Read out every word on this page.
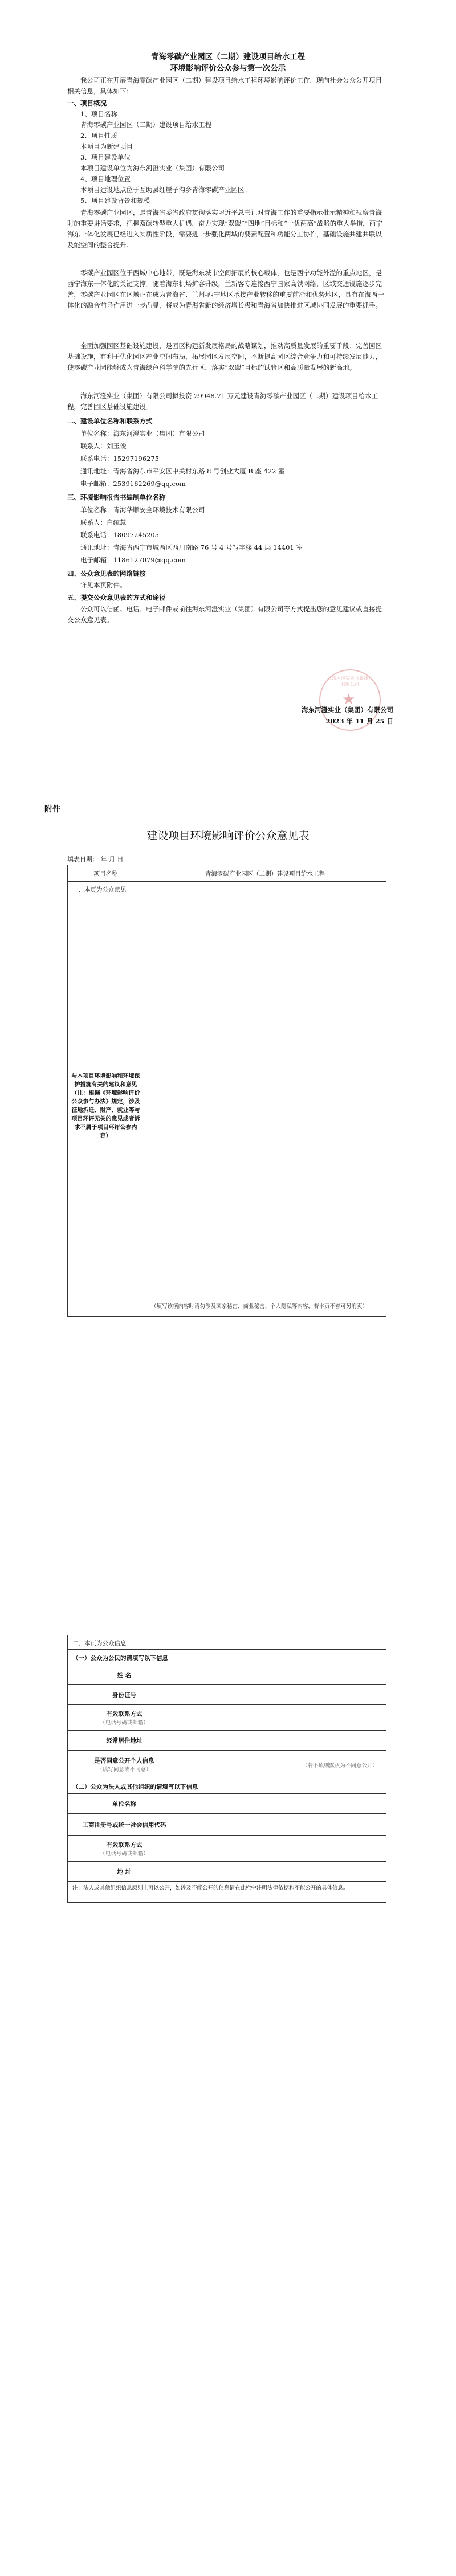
青海零碳产业园区（二期）建设项目给水工程
环境影响评价公众参与第一次公示

我公司正在开展青海零碳产业园区（二期）建设项目给水工程环境影响评价工作，现向社会公众公开项目相关信息，具体如下：

一、项目概况

1、项目名称

青海零碳产业园区（二期）建设项目给水工程

2、项目性质

本项目为新建项目

3、项目建设单位

本项目建设单位为海东河澄实业（集团）有限公司

4、项目地理位置

本项目建设地点位于互助县红崖子沟乡青海零碳产业园区。

5、项目建设背景和规模

青海零碳产业园区，是青海省委省政府贯彻落实习近平总书记对青海工作的重要指示批示精神和视察青海时的重要讲话要求，把握双碳转型重大机遇，奋力实现“双碳”“四地”目标和“一优两高”战略的重大举措，西宁海东一体化发展已经进入实质性阶段，需要进一步强化两城的要素配置和功能分工协作，基础设施共建共联以及能空间的整合提升。

零碳产业园区位于西城中心地带，既是海东城市空间拓展的核心载体，也是西宁功能外溢的重点地区，是西宁海东一体化的关键支撑。随着海东机场扩容升级，兰新客专连接西宁国家高铁网络，区域交通设施逐步完善，零碳产业园区在区域正在成为青海省、兰州-西宁地区承接产业转移的重要前沿和优势地区，具有在海西一体化的融合前导作用进一步凸显，将成为青海省新的经济增长极和青海省加快推进区域协同发展的重要抓手。

全面加强园区基础设施建设，是园区构建新发展格局的战略谋划，推动高质量发展的重要手段；完善园区基础设施，有利于优化园区产业空间布局，拓展园区发展空间，不断提高园区综合竞争力和可持续发展能力，使零碳产业园能够成为青海绿色科学院的先行区，落实“双碳”目标的试验区和高质量发展的新高地。

海东河澄实业（集团）有限公司拟投资 29948.71 万元建设青海零碳产业园区（二期）建设项目给水工程，完善园区基础设施建设。

二、建设单位名称和联系方式

单位名称：海东河澄实业（集团）有限公司

联系人：刘玉俊

联系电话：15297196275

通讯地址：青海省海东市平安区中关村东路 8 号创业大厦 B 座 422 室

电子邮箱：2539162269@qq.com

三、环境影响报告书编制单位名称

单位名称：青海华顺安全环境技术有限公司

联系人：白统慧

联系电话：18097245205

通讯地址：青海省西宁市城西区西川南路 76 号 4 号写字楼 44 层 14401 室

电子邮箱：1186127079@qq.com

四、公众意见表的网络链接

详见本页附件。

五、提交公众意见表的方式和途径

公众可以信函、电话、电子邮件或前往海东河澄实业（集团）有限公司等方式提出您的意见建议或直接提交公众意见表。

海东河澄实业（集团）有限公司
★
海东河澄实业（集团）有限公司
2023 年 11 月 25 日
附件
建设项目环境影响评价公众意见表
填表日期： 年 月 日
项目名称	青海零碳产业园区（二期）建设项目给水工程
一、本页为公众意见
与本项目环境影响和环境保护措施有关的建议和意见（注：根据《环境影响评价公众参与办法》规定，涉及征地拆迁、财产、就业等与项目环评无关的意见或者诉求不属于项目环评公参内容）
（填写该项内容时请勿涉及国家秘密、商业秘密、个人隐私等内容，若本页不够可另附页）
二、本页为公众信息
（一）公众为公民的请填写以下信息
姓 名
身份证号
有效联系方式
（电话号码或邮箱）
经常居住地址
是否同意公开个人信息
（填写同意或不同意）
（若不填则默认为不同意公开）
（二）公众为法人或其他组织的请填写以下信息
单位名称
工商注册号或统一社会信用代码
有效联系方式
（电话号码或邮箱）
地 址
注：法人或其他组织信息原则上可以公开，如涉及不能公开的信息请在此栏中注明法律依据和不能公开的具体信息。
